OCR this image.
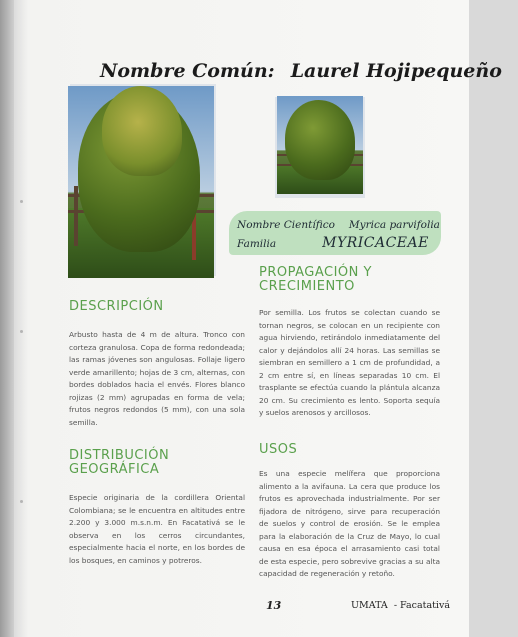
Nombre Común: Laurel Hojipequeño
Nombre Científico Myrica parvifolia
Familia	MYRICACEAE
DESCRIPCIÓN
Arbusto hasta de 4 m de altura. Tronco con corteza granulosa. Copa de forma redondeada; las ramas jóvenes son angulosas. Follaje ligero verde amarillento; hojas de 3 cm, alternas, con bordes doblados hacia el envés. Flores blanco rojizas (2 mm) agrupadas en forma de vela; frutos negros redondos (5 mm), con una sola semilla.
DISTRIBUCIÓN
GEOGRÁFICA
Especie originaria de la cordillera Oriental Colombiana; se le encuentra en altitudes entre 2.200 y 3.000 m.s.n.m. En Facatativá se le observa en los cerros circundantes, especialmente hacia el norte, en los bordes de los bosques, en caminos y potreros.
PROPAGACIÓN Y
CRECIMIENTO
Por semilla. Los frutos se colectan cuando se tornan negros, se colocan en un recipiente con agua hirviendo, retirándolo inmediatamente del calor y dejándolos allí 24 horas. Las semillas se siembran en semillero a 1 cm de profundidad, a 2 cm entre sí, en líneas separadas 10 cm. El trasplante se efectúa cuando la plántula alcanza 20 cm. Su crecimiento es lento. Soporta sequía y suelos arenosos y arcillosos.
USOS
Es una especie melífera que proporciona alimento a la avifauna. La cera que produce los frutos es aprovechada industrialmente. Por ser fijadora de nitrógeno, sirve para recuperación de suelos y control de erosión. Se le emplea para la elaboración de la Cruz de Mayo, lo cual causa en esa época el arrasamiento casi total de esta especie, pero sobrevive gracias a su alta capacidad de regeneración y retoño.
13	UMATA - Facatativá
